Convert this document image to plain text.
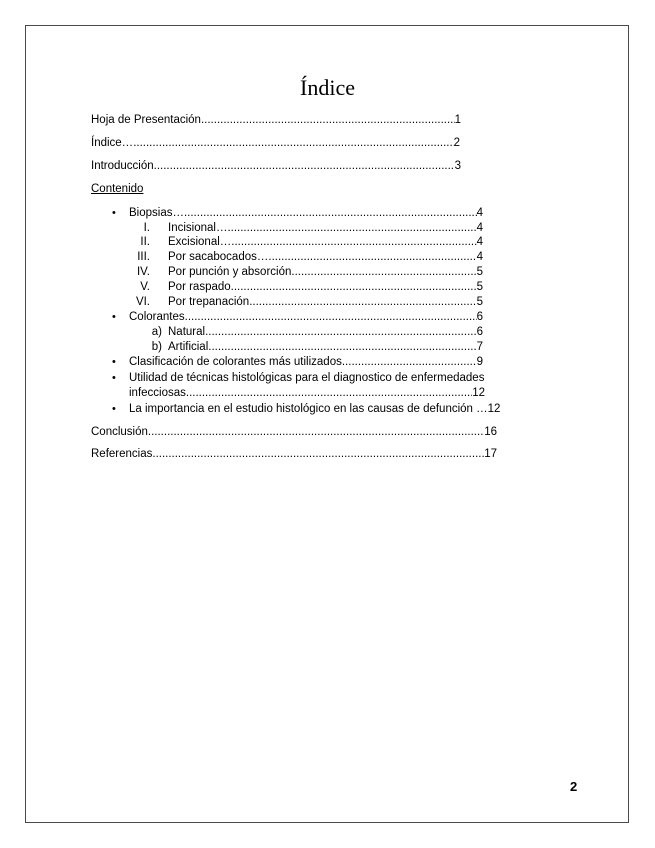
Índice
Hoja de Presentación .....	1
Índice… .....	2
Introducción .....	3
Contenido
• Biopsias… .....	4
I. Incisional… .....	4
II. Excisional… .....	4
III. Por sacabocados… .....	4
IV. Por punción y absorción .....	5
V. Por raspado .....	5
VI. Por trepanación .....	5
• Colorantes .....	6
a) Natural .....	6
b) Artificial .....	7
• Clasificación de colorantes más utilizados .....	9
• Utilidad de técnicas histológicas para el diagnostico de enfermedades
infecciosas .....	12
• La importancia en el estudio histológico en las causas de defunción …12
Conclusión .....	16
Referencias .....	17
2
